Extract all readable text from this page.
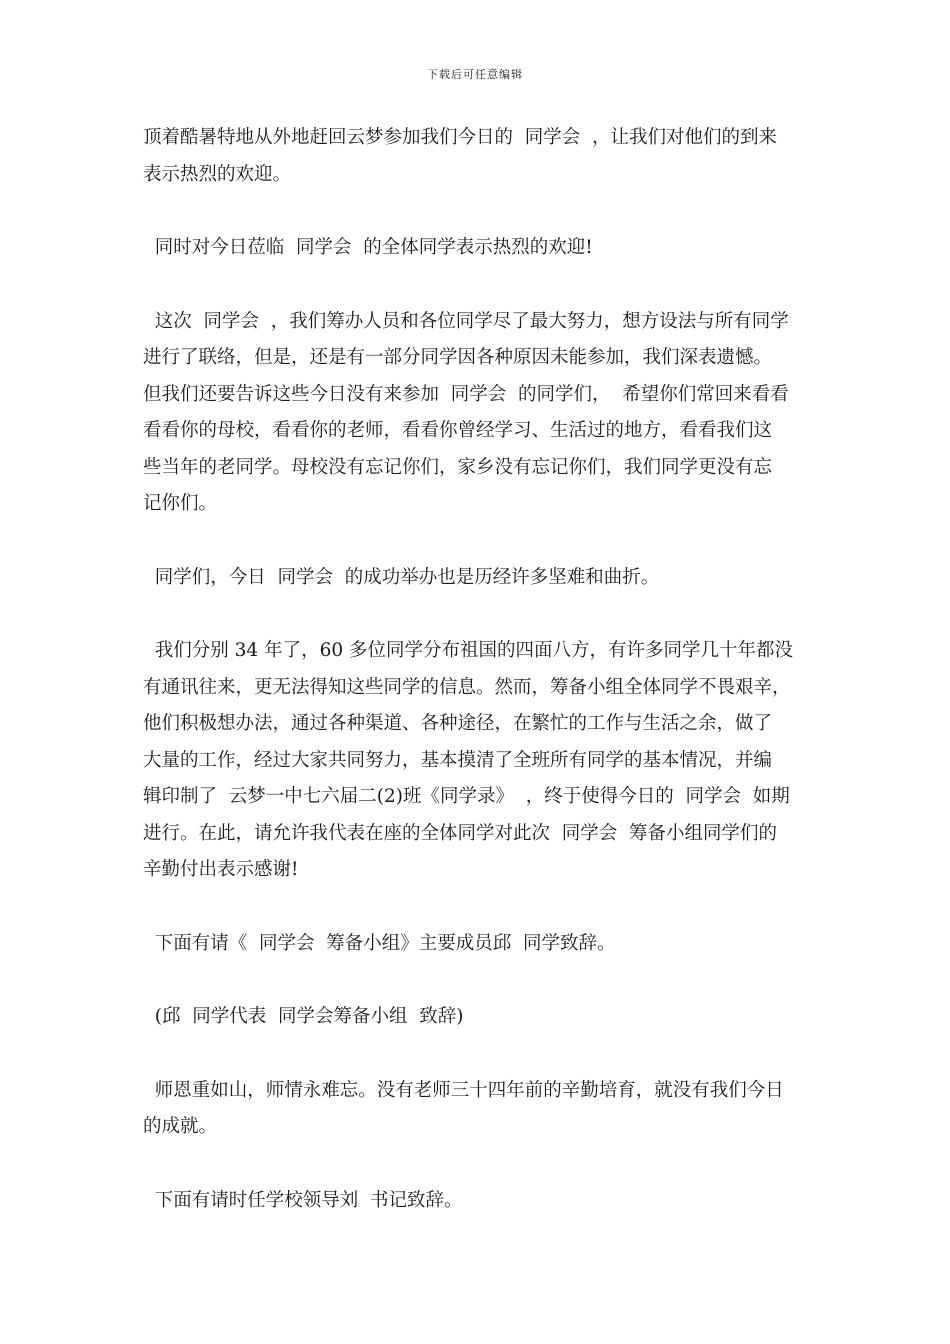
下载后可任意编辑
顶着酷暑特地从外地赶回云梦参加我们今日的  同学会  ，让我们对他们的到来
表示热烈的欢迎。
同时对今日莅临  同学会  的全体同学表示热烈的欢迎!
这次  同学会  ，我们筹办人员和各位同学尽了最大努力，想方设法与所有同学
进行了联络，但是，还是有一部分同学因各种原因未能参加，我们深表遗憾。
但我们还要告诉这些今日没有来参加  同学会  的同学们，  希望你们常回来看看
看看你的母校，看看你的老师，看看你曾经学习、生活过的地方，看看我们这
些当年的老同学。母校没有忘记你们，家乡没有忘记你们，我们同学更没有忘
记你们。
同学们，今日  同学会  的成功举办也是历经许多坚难和曲折。
我们分别 34 年了，60 多位同学分布祖国的四面八方，有许多同学几十年都没
有通讯往来，更无法得知这些同学的信息。然而，筹备小组全体同学不畏艰辛，
他们积极想办法，通过各种渠道、各种途径，在繁忙的工作与生活之余，做了
大量的工作，经过大家共同努力，基本摸清了全班所有同学的基本情况，并编
辑印制了  云梦一中七六届二(2)班《同学录》  ，终于使得今日的  同学会  如期
进行。在此，请允许我代表在座的全体同学对此次  同学会  筹备小组同学们的
辛勤付出表示感谢!
下面有请《  同学会  筹备小组》主要成员邱  同学致辞。
(邱  同学代表  同学会筹备小组  致辞)
师恩重如山，师情永难忘。没有老师三十四年前的辛勤培育，就没有我们今日
的成就。
下面有请时任学校领导刘  书记致辞。
